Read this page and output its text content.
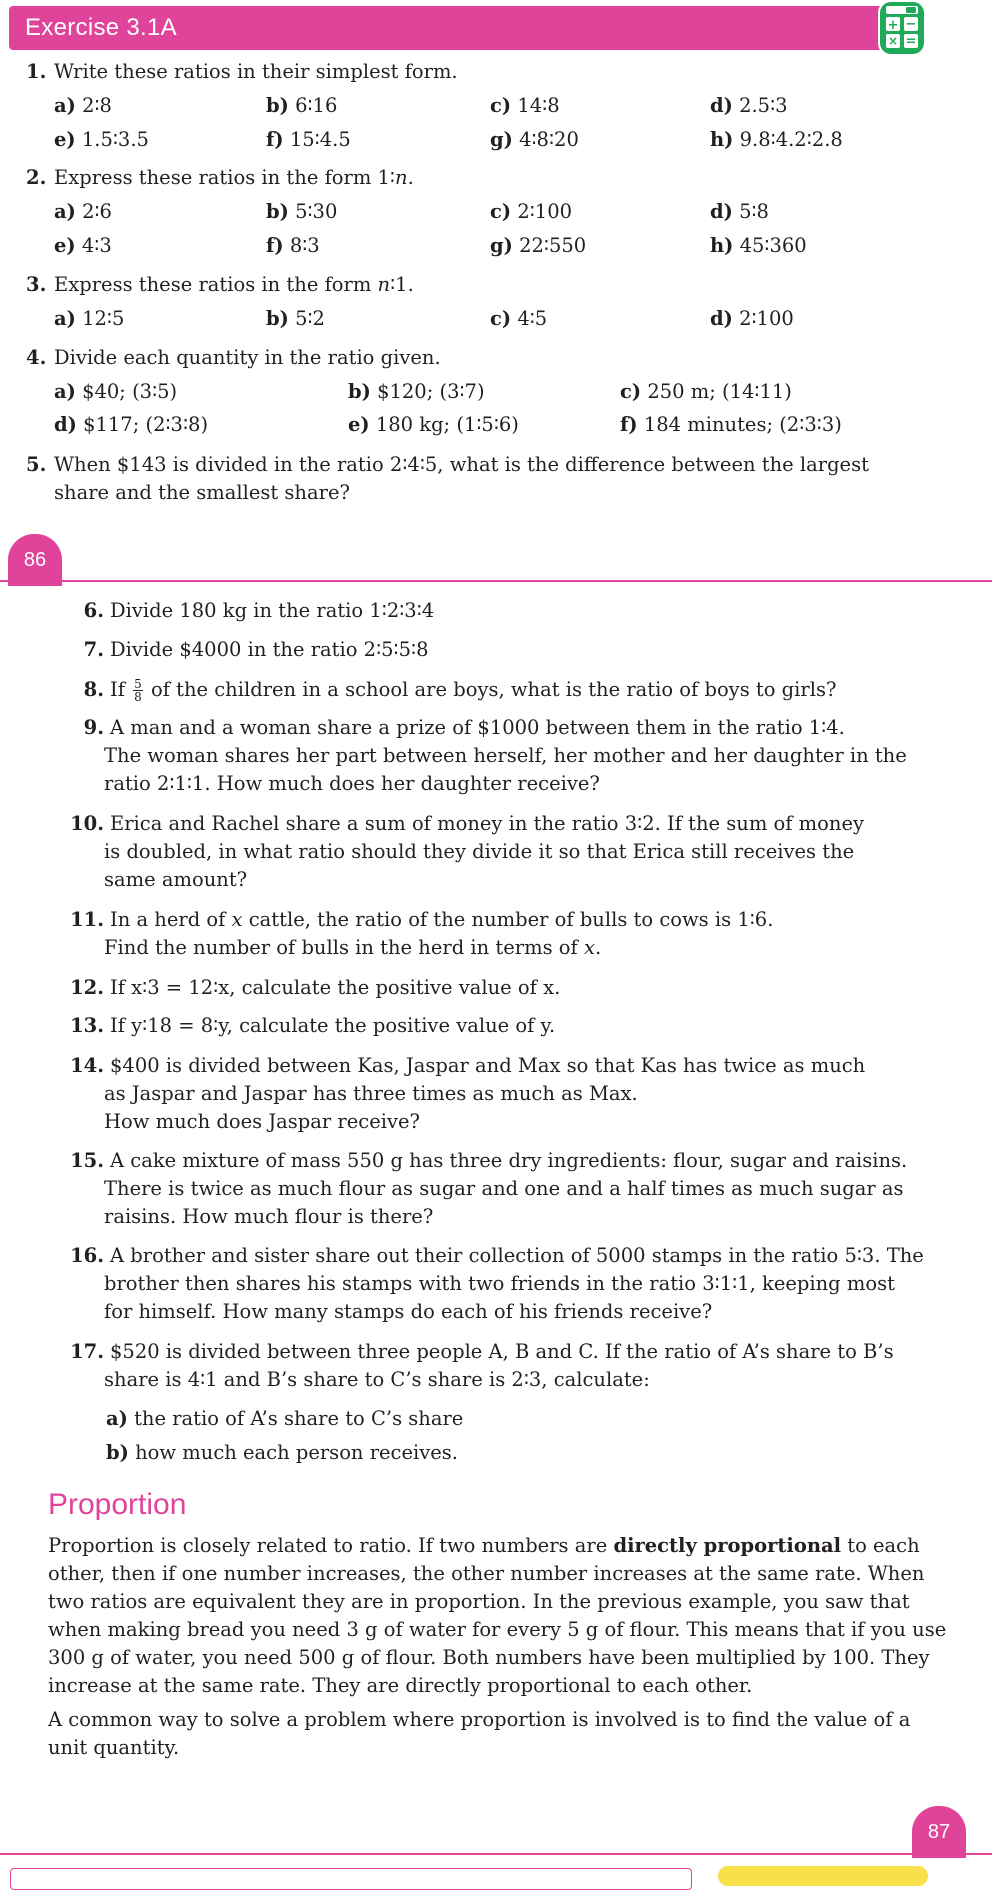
Exercise 3.1A	+ −
× =
1. Write these ratios in their simplest form.
a) 2∶8	b) 6∶16	c) 14∶8	d) 2.5∶3
e) 1.5∶3.5	f) 15∶4.5	g) 4∶8∶20	h) 9.8∶4.2∶2.8
2. Express these ratios in the form 1∶n.
a) 2∶6	b) 5∶30	c) 2∶100	d) 5∶8
e) 4∶3	f) 8∶3	g) 22∶550	h) 45∶360
3. Express these ratios in the form n∶1.
a) 12∶5	b) 5∶2	c) 4∶5	d) 2∶100
4. Divide each quantity in the ratio given.
a) $40; (3∶5)	b) $120; (3∶7)	c) 250 m; (14∶11)
d) $117; (2∶3∶8)	e) 180 kg; (1∶5∶6)	f) 184 minutes; (2∶3∶3)
5. When $143 is divided in the ratio 2∶4∶5, what is the difference between the largest
share and the smallest share?
86
6. Divide 180 kg in the ratio 1∶2∶3∶4
7. Divide $4000 in the ratio 2∶5∶5∶8
8. If $\frac{5}{8}$ of the children in a school are boys, what is the ratio of boys to girls?
9. A man and a woman share a prize of $1000 between them in the ratio 1∶4.
The woman shares her part between herself, her mother and her daughter in the
ratio 2∶1∶1. How much does her daughter receive?
10. Erica and Rachel share a sum of money in the ratio 3∶2. If the sum of money
is doubled, in what ratio should they divide it so that Erica still receives the
same amount?
11. In a herd of x cattle, the ratio of the number of bulls to cows is 1∶6.
Find the number of bulls in the herd in terms of x.
12. If x∶3 = 12∶x, calculate the positive value of x.
13. If y∶18 = 8∶y, calculate the positive value of y.
14. $400 is divided between Kas, Jaspar and Max so that Kas has twice as much
as Jaspar and Jaspar has three times as much as Max.
How much does Jaspar receive?
15. A cake mixture of mass 550 g has three dry ingredients: flour, sugar and raisins.
There is twice as much flour as sugar and one and a half times as much sugar as
raisins. How much flour is there?
16. A brother and sister share out their collection of 5000 stamps in the ratio 5∶3. The
brother then shares his stamps with two friends in the ratio 3∶1∶1, keeping most
for himself. How many stamps do each of his friends receive?
17. $520 is divided between three people A, B and C. If the ratio of A’s share to B’s
share is 4∶1 and B’s share to C’s share is 2∶3, calculate:
a) the ratio of A’s share to C’s share
b) how much each person receives.
Proportion
Proportion is closely related to ratio. If two numbers are directly proportional to each
other, then if one number increases, the other number increases at the same rate. When
two ratios are equivalent they are in proportion. In the previous example, you saw that
when making bread you need 3 g of water for every 5 g of flour. This means that if you use
300 g of water, you need 500 g of flour. Both numbers have been multiplied by 100. They
increase at the same rate. They are directly proportional to each other.
A common way to solve a problem where proportion is involved is to find the value of a
unit quantity.
87
